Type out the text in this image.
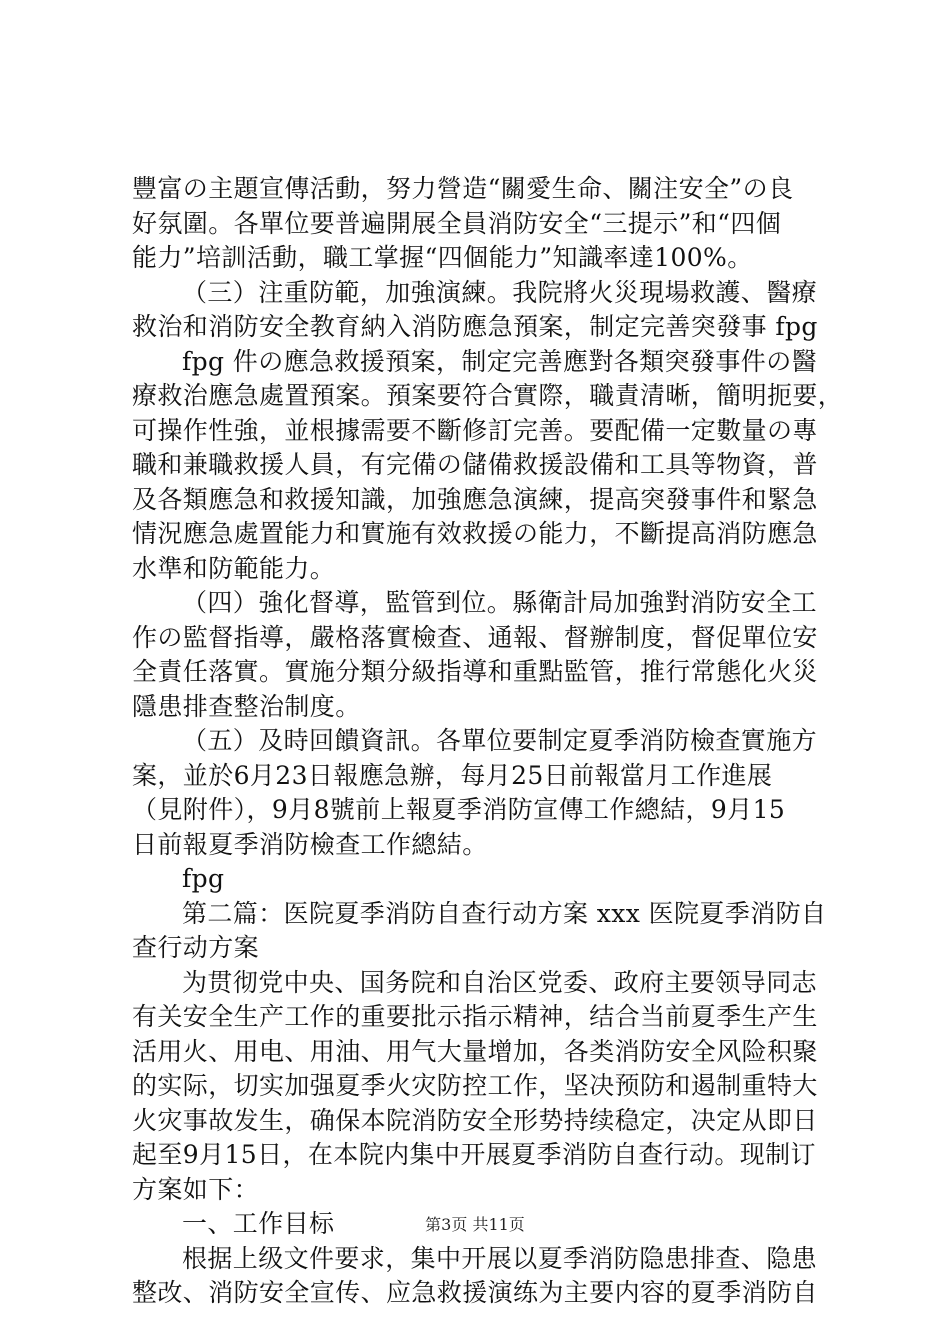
豐富の主題宣傳活動，努力營造“關愛生命、關注安全”の良
好氛圍。各單位要普遍開展全員消防安全“三提示”和“四個
能力”培訓活動，職工掌握“四個能力”知識率達100%。
（三）注重防範，加強演練。我院將火災現場救護、醫療
救治和消防安全教育納入消防應急預案，制定完善突發事 fpg
fpg 件の應急救援預案，制定完善應對各類突發事件の醫
療救治應急處置預案。預案要符合實際，職責清晰，簡明扼要，
可操作性強，並根據需要不斷修訂完善。要配備一定數量の專
職和兼職救援人員，有完備の儲備救援設備和工具等物資，普
及各類應急和救援知識，加強應急演練，提高突發事件和緊急
情況應急處置能力和實施有效救援の能力，不斷提高消防應急
水準和防範能力。
（四）強化督導，監管到位。縣衛計局加強對消防安全工
作の監督指導，嚴格落實檢查、通報、督辦制度，督促單位安
全責任落實。實施分類分級指導和重點監管，推行常態化火災
隱患排查整治制度。
（五）及時回饋資訊。各單位要制定夏季消防檢查實施方
案，並於6月23日報應急辦，每月25日前報當月工作進展
（見附件），9月8號前上報夏季消防宣傳工作總結，9月15
日前報夏季消防檢查工作總結。
fpg
第二篇：医院夏季消防自查行动方案 xxx 医院夏季消防自
查行动方案
为贯彻党中央、国务院和自治区党委、政府主要领导同志
有关安全生产工作的重要批示指示精神，结合当前夏季生产生
活用火、用电、用油、用气大量增加，各类消防安全风险积聚
的实际，切实加强夏季火灾防控工作，坚决预防和遏制重特大
火灾事故发生，确保本院消防安全形势持续稳定，决定从即日
起至9月15日，在本院内集中开展夏季消防自查行动。现制订
方案如下：
一、工作目标
根据上级文件要求，集中开展以夏季消防隐患排查、隐患
整改、消防安全宣传、应急救援演练为主要内容的夏季消防自
第3页 共11页
